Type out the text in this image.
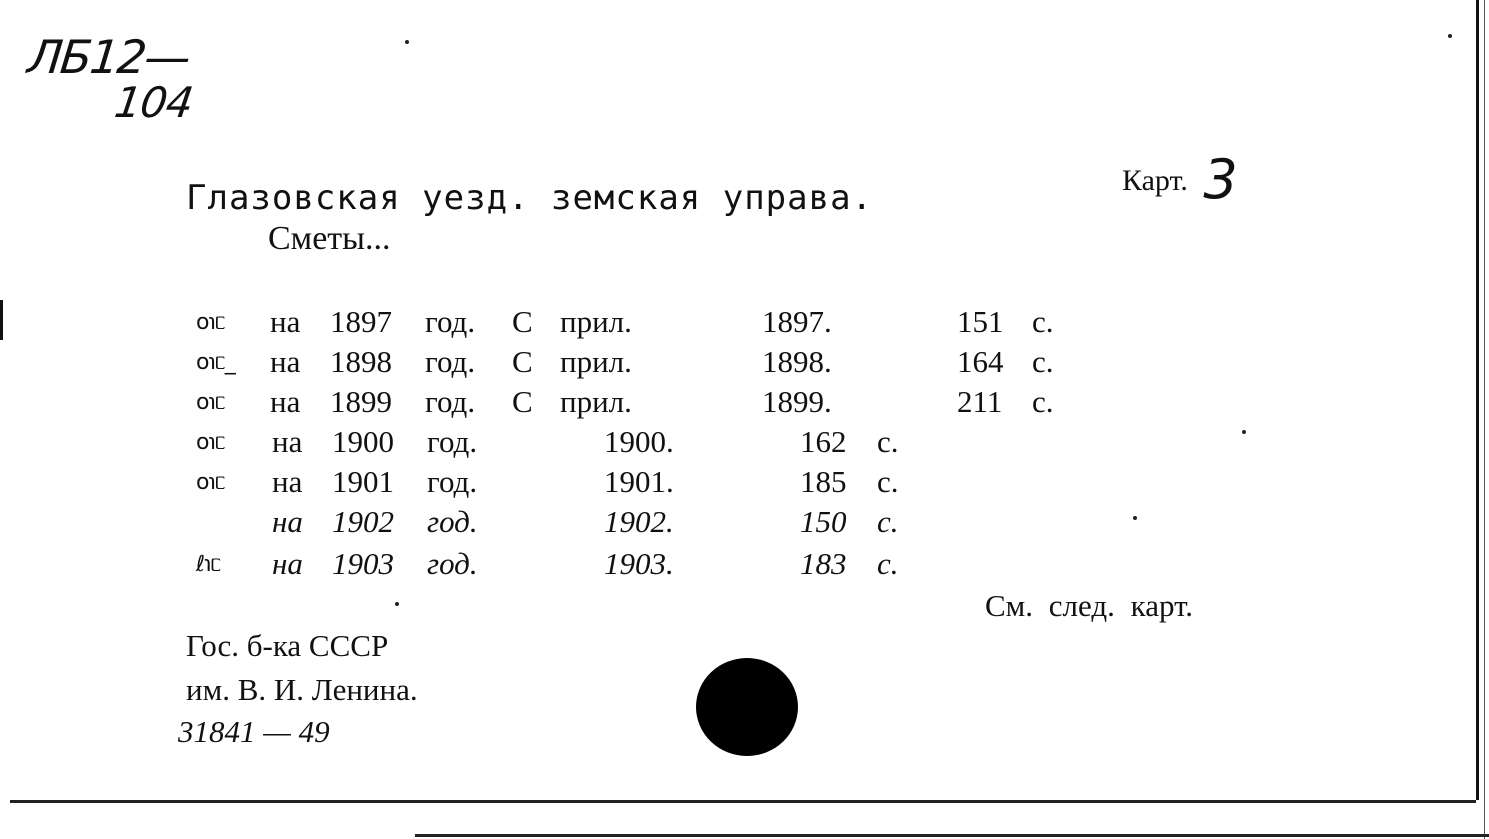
ЛБ12—
104
Карт. 3
Глазовская уезд. земская управа.
Сметы...
o℩ᥴ на 1897 год. С прил.	1897.	151 с.
o℩ᥴ_ на 1898 год. С прил.	1898.	164 с.
o℩ᥴ на 1899 год. С прил.	1899.	211 с.
o℩ᥴ на 1900 год.	1900.	162 с.
o℩ᥴ на 1901 год.	1901.	185 с.
на 1902 год.	1902.	150 с.
ℓ℩ᥴ на 1903 год.	1903.	183 с.
См. след. карт.
Гос. б-ка СССР
им. В. И. Ленина.
31841 — 49
